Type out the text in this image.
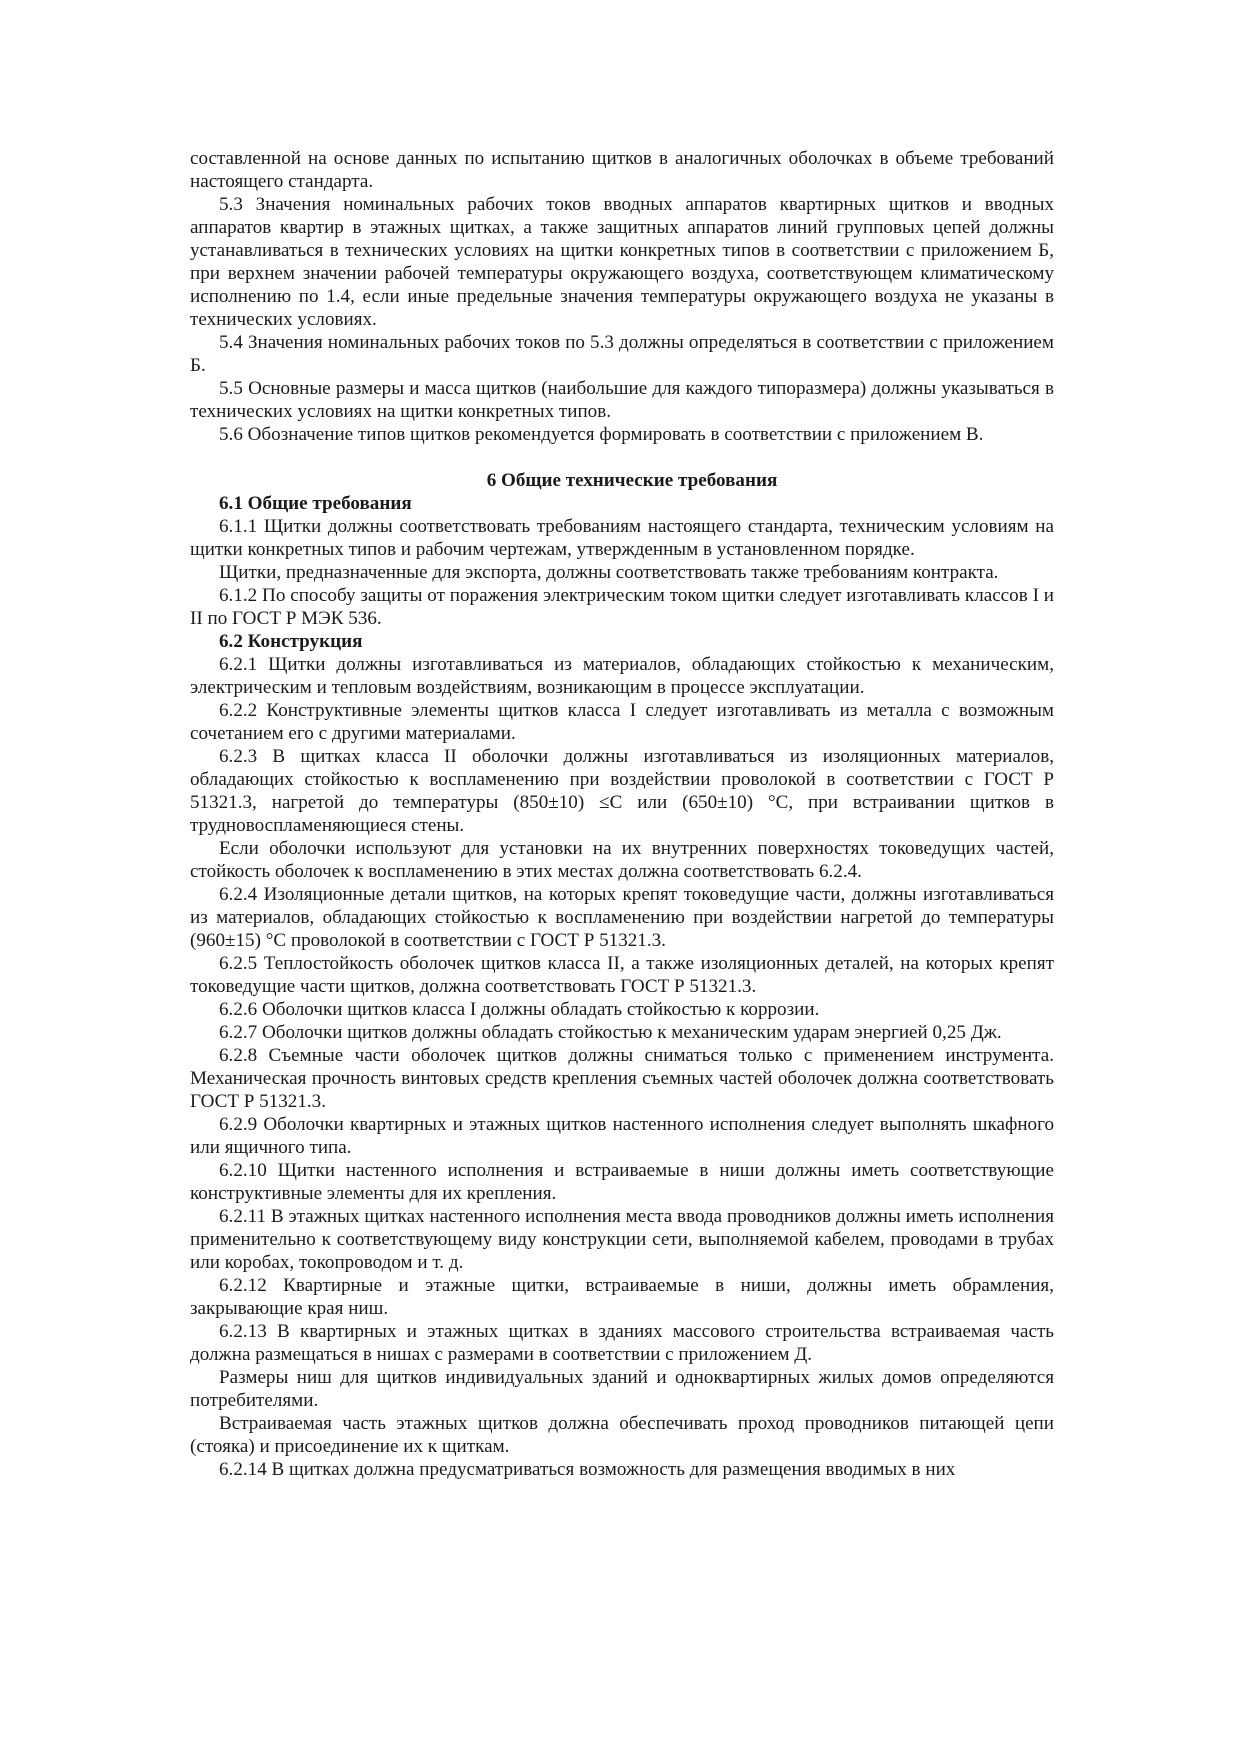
составленной на основе данных по испытанию щитков в аналогичных оболочках в объеме требований настоящего стандарта.

5.3 Значения номинальных рабочих токов вводных аппаратов квартирных щитков и вводных аппаратов квартир в этажных щитках, а также защитных аппаратов линий групповых цепей должны устанавливаться в технических условиях на щитки конкретных типов в соответствии с приложением Б, при верхнем значении рабочей температуры окружающего воздуха, соответствующем климатическому исполнению по 1.4, если иные предельные значения температуры окружающего воздуха не указаны в технических условиях.

5.4 Значения номинальных рабочих токов по 5.3 должны определяться в соответствии с приложением Б.

5.5 Основные размеры и масса щитков (наибольшие для каждого типоразмера) должны указываться в технических условиях на щитки конкретных типов.

5.6 Обозначение типов щитков рекомендуется формировать в соответствии с приложением В.

6 Общие технические требования

6.1 Общие требования

6.1.1 Щитки должны соответствовать требованиям настоящего стандарта, техническим условиям на щитки конкретных типов и рабочим чертежам, утвержденным в установленном порядке.

Щитки, предназначенные для экспорта, должны соответствовать также требованиям контракта.

6.1.2 По способу защиты от поражения электрическим током щитки следует изготавливать классов I и II по ГОСТ Р МЭК 536.

6.2 Конструкция

6.2.1 Щитки должны изготавливаться из материалов, обладающих стойкостью к механическим, электрическим и тепловым воздействиям, возникающим в процессе эксплуатации.

6.2.2 Конструктивные элементы щитков класса I следует изготавливать из металла с возможным сочетанием его с другими материалами.

6.2.3 В щитках класса II оболочки должны изготавливаться из изоляционных материалов, обладающих стойкостью к воспламенению при воздействии проволокой в соответствии с ГОСТ Р 51321.3, нагретой до температуры (850±10) ≤С или (650±10) °С, при встраивании щитков в трудновоспламеняющиеся стены.

Если оболочки используют для установки на их внутренних поверхностях токоведущих частей, стойкость оболочек к воспламенению в этих местах должна соответствовать 6.2.4.

6.2.4 Изоляционные детали щитков, на которых крепят токоведущие части, должны изготавливаться из материалов, обладающих стойкостью к воспламенению при воздействии нагретой до температуры (960±15) °С проволокой в соответствии с ГОСТ Р 51321.3.

6.2.5 Теплостойкость оболочек щитков класса II, а также изоляционных деталей, на которых крепят токоведущие части щитков, должна соответствовать ГОСТ Р 51321.3.

6.2.6 Оболочки щитков класса I должны обладать стойкостью к коррозии.

6.2.7 Оболочки щитков должны обладать стойкостью к механическим ударам энергией 0,25 Дж.

6.2.8 Съемные части оболочек щитков должны сниматься только с применением инструмента. Механическая прочность винтовых средств крепления съемных частей оболочек должна соответствовать ГОСТ Р 51321.3.

6.2.9 Оболочки квартирных и этажных щитков настенного исполнения следует выполнять шкафного или ящичного типа.

6.2.10 Щитки настенного исполнения и встраиваемые в ниши должны иметь соответствующие конструктивные элементы для их крепления.

6.2.11 В этажных щитках настенного исполнения места ввода проводников должны иметь исполнения применительно к соответствующему виду конструкции сети, выполняемой кабелем, проводами в трубах или коробах, токопроводом и т. д.

6.2.12 Квартирные и этажные щитки, встраиваемые в ниши, должны иметь обрамления, закрывающие края ниш.

6.2.13 В квартирных и этажных щитках в зданиях массового строительства встраиваемая часть должна размещаться в нишах с размерами в соответствии с приложением Д.

Размеры ниш для щитков индивидуальных зданий и одноквартирных жилых домов определяются потребителями.

Встраиваемая часть этажных щитков должна обеспечивать проход проводников питающей цепи (стояка) и присоединение их к щиткам.

6.2.14 В щитках должна предусматриваться возможность для размещения вводимых в них
